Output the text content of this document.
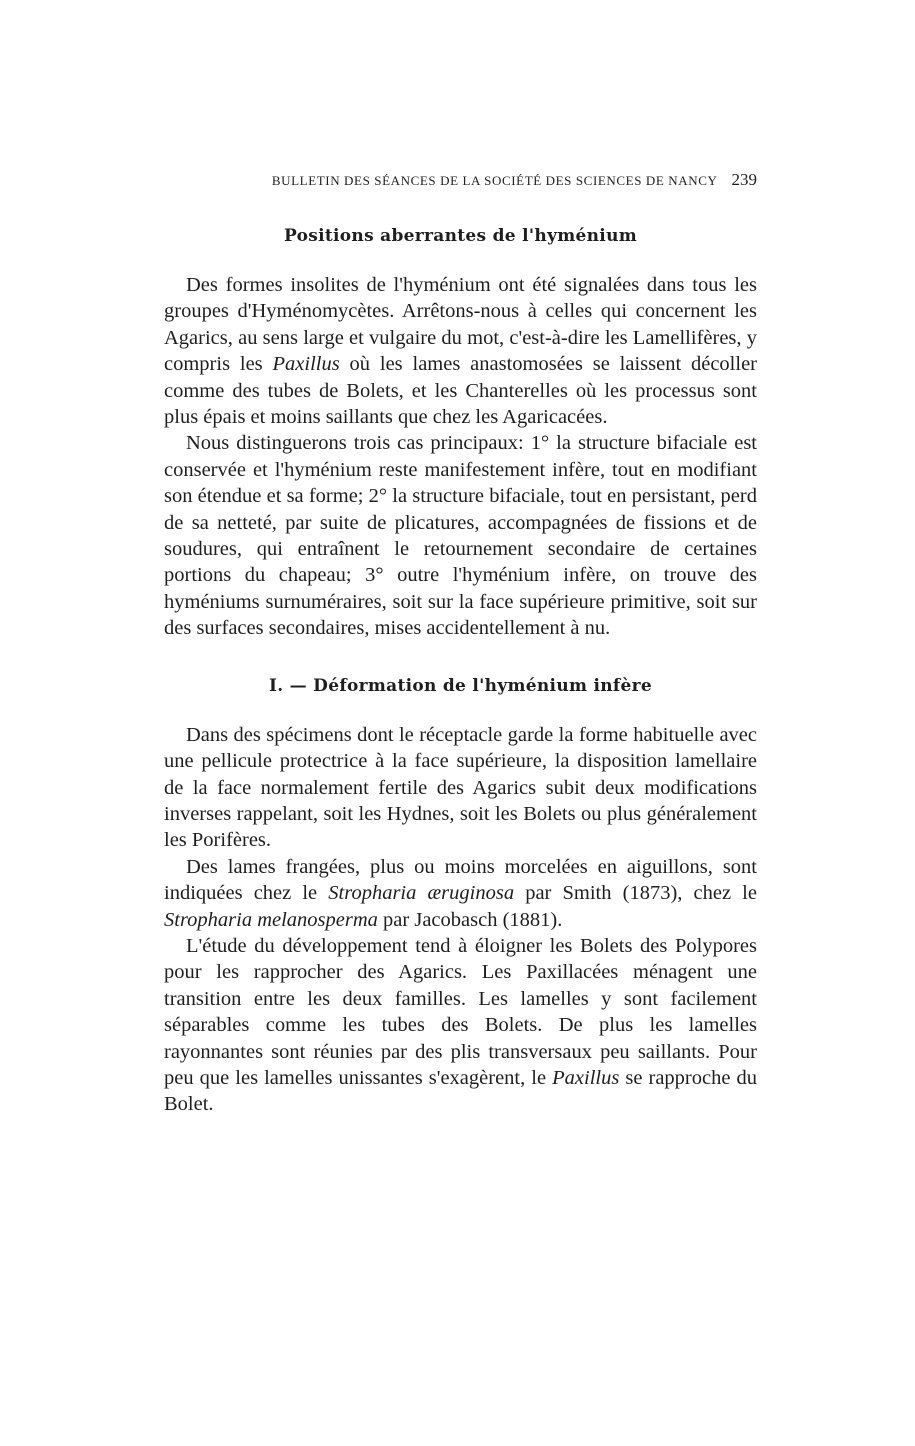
BULLETIN DES SÉANCES DE LA SOCIÉTÉ DES SCIENCES DE NANCY 239
Positions aberrantes de l'hyménium

Des formes insolites de l'hyménium ont été signalées dans tous les groupes d'Hyménomycètes. Arrêtons-nous à celles qui concernent les Agarics, au sens large et vulgaire du mot, c'est-à-dire les Lamellifères, y compris les Paxillus où les lames anastomosées se laissent décoller comme des tubes de Bolets, et les Chanterelles où les processus sont plus épais et moins saillants que chez les Agaricacées.

Nous distinguerons trois cas principaux: 1° la structure bifaciale est conservée et l'hyménium reste manifestement infère, tout en modifiant son étendue et sa forme; 2° la structure bifaciale, tout en persistant, perd de sa netteté, par suite de plicatures, accompagnées de fissions et de soudures, qui entraînent le retournement secondaire de certaines portions du chapeau; 3° outre l'hyménium infère, on trouve des hyméniums surnuméraires, soit sur la face supérieure primitive, soit sur des surfaces secondaires, mises accidentellement à nu.

I. — Déformation de l'hyménium infère

Dans des spécimens dont le réceptacle garde la forme habituelle avec une pellicule protectrice à la face supérieure, la disposition lamellaire de la face normalement fertile des Agarics subit deux modifications inverses rappelant, soit les Hydnes, soit les Bolets ou plus généralement les Porifères.

Des lames frangées, plus ou moins morcelées en aiguillons, sont indiquées chez le Stropharia æruginosa par Smith (1873), chez le Stropharia melanosperma par Jacobasch (1881).

L'étude du développement tend à éloigner les Bolets des Polypores pour les rapprocher des Agarics. Les Paxillacées ménagent une transition entre les deux familles. Les lamelles y sont facilement séparables comme les tubes des Bolets. De plus les lamelles rayonnantes sont réunies par des plis transversaux peu saillants. Pour peu que les lamelles unissantes s'exagèrent, le Paxillus se rapproche du Bolet.
